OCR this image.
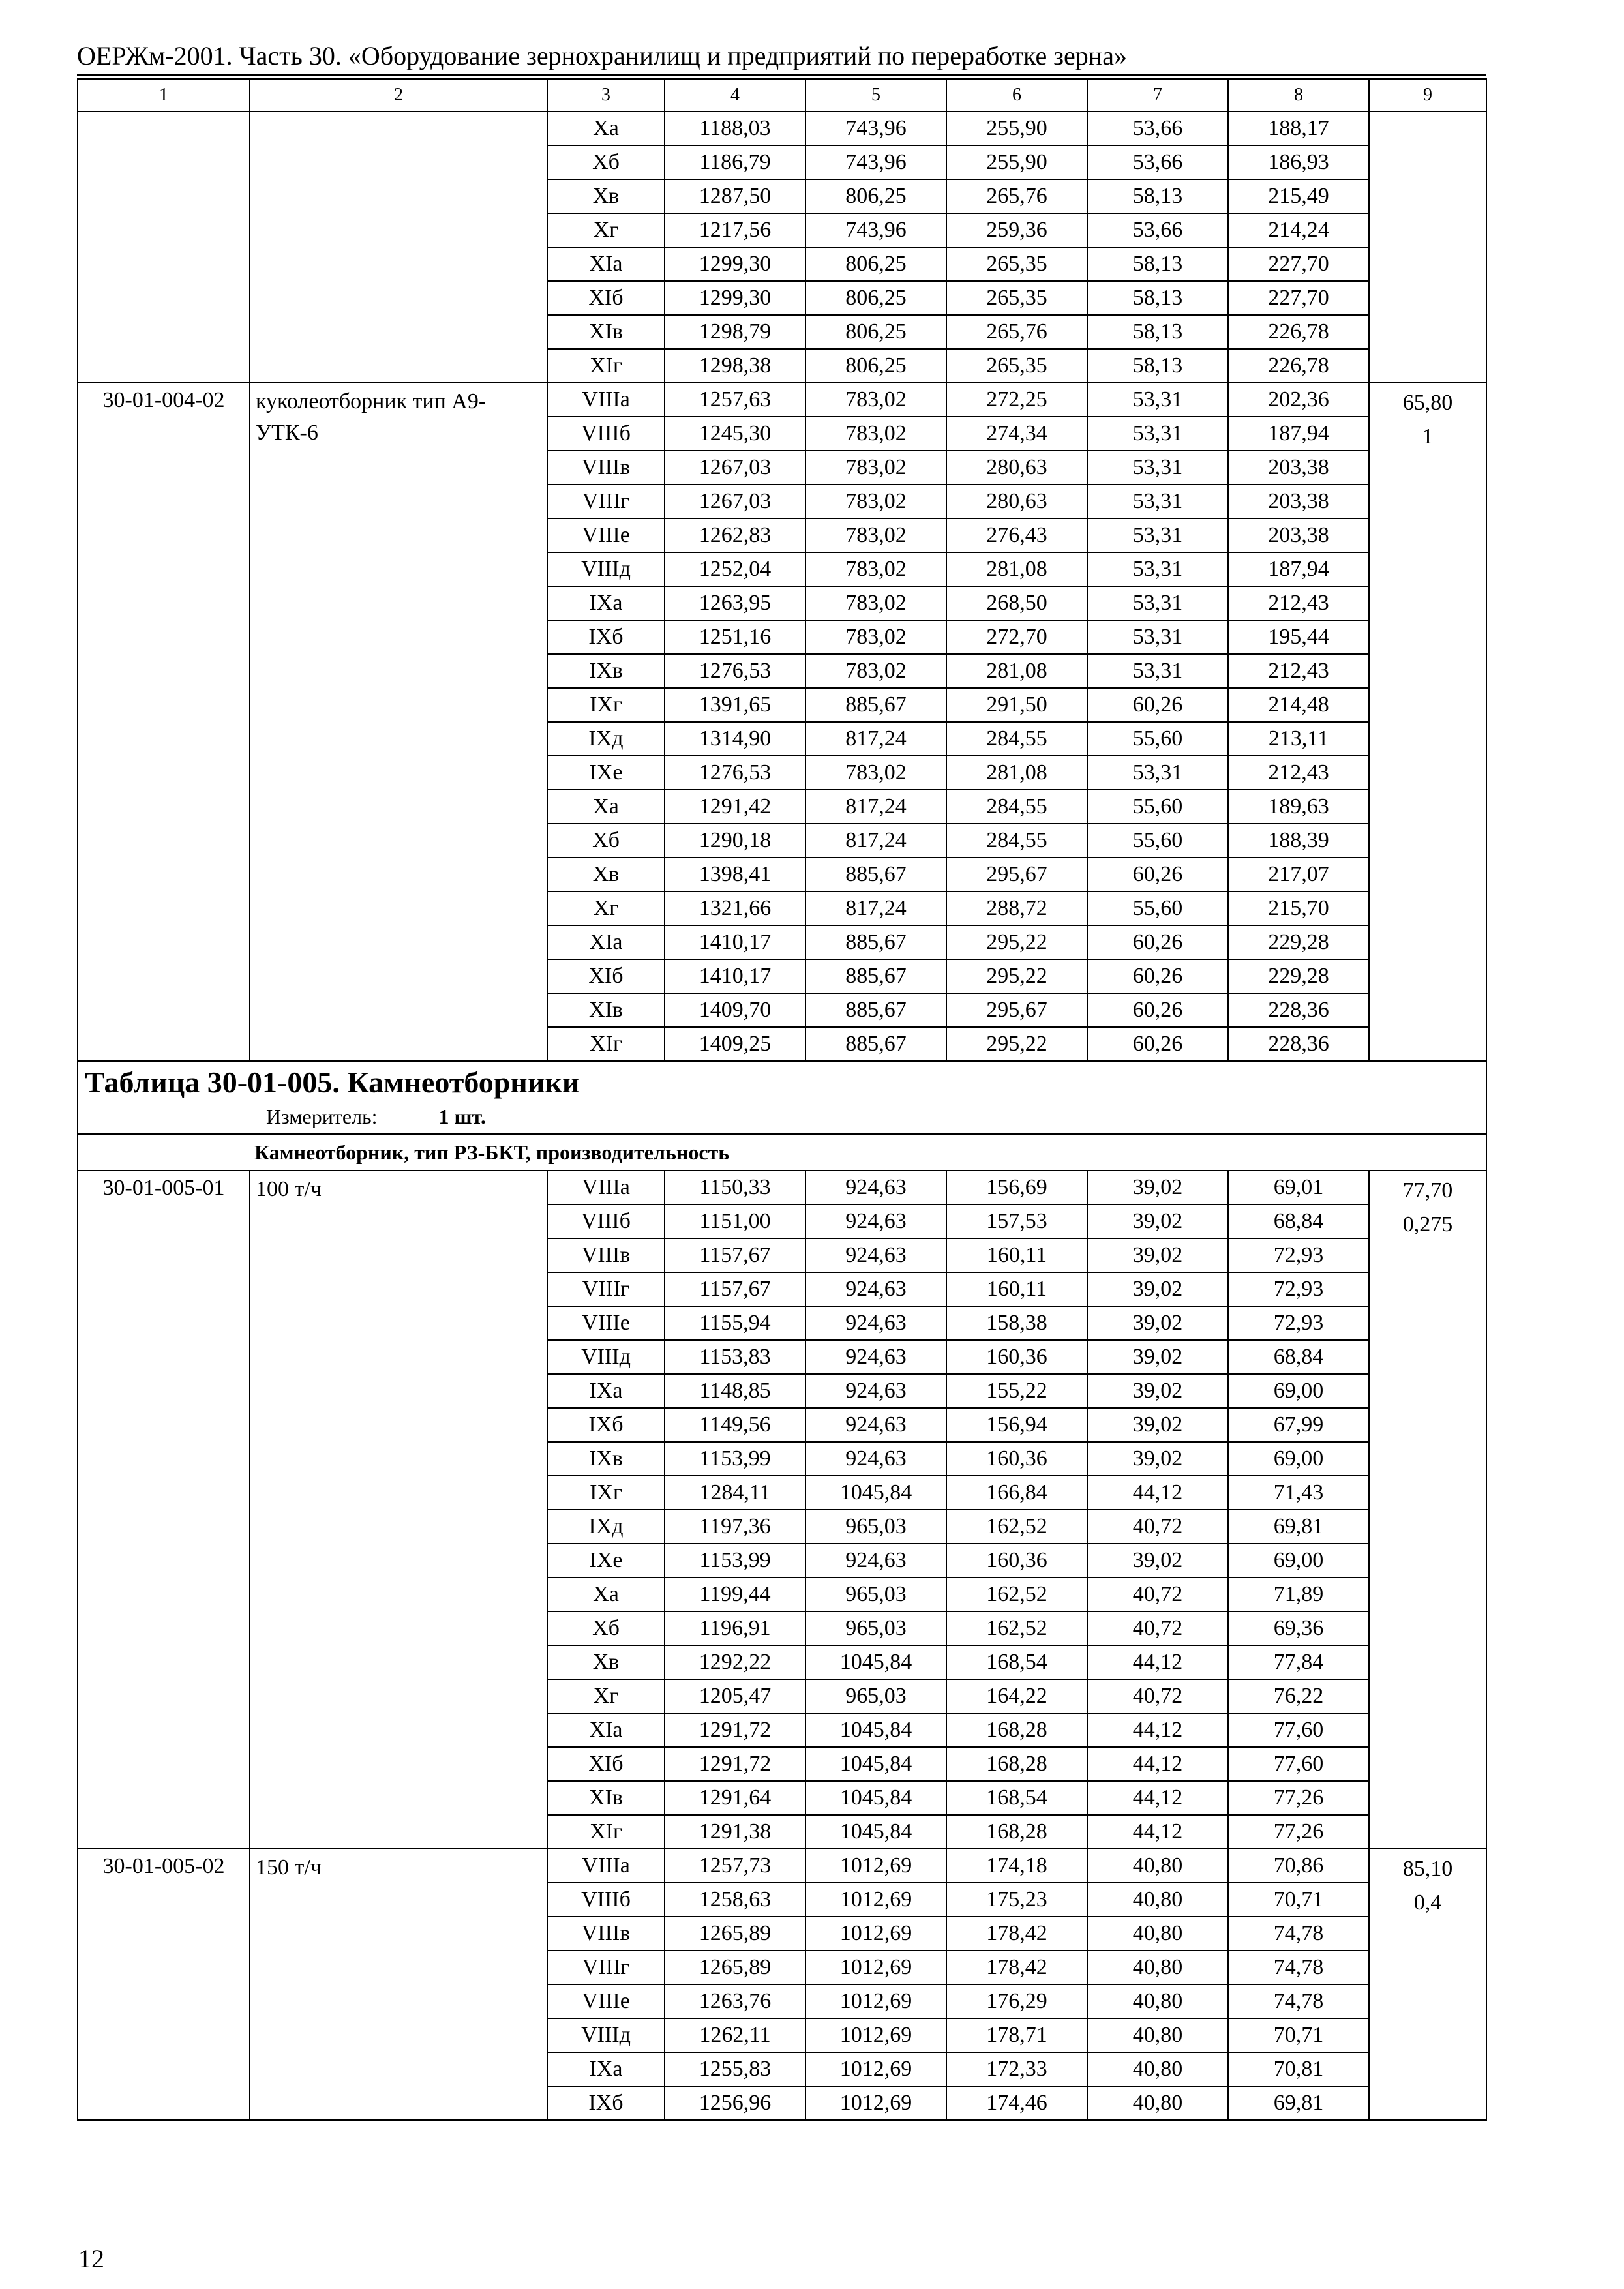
ОЕРЖм-2001. Часть 30. «Оборудование зернохранилищ и предприятий по переработке зерна»
1	2	3	4	5	6	7	8	9
		Xa	1188,03	743,96	255,90	53,66	188,17	
		Xб	1186,79	743,96	255,90	53,66	186,93	
		Xв	1287,50	806,25	265,76	58,13	215,49	
		Xг	1217,56	743,96	259,36	53,66	214,24	
		XIa	1299,30	806,25	265,35	58,13	227,70	
		XIб	1299,30	806,25	265,35	58,13	227,70	
		XIв	1298,79	806,25	265,76	58,13	226,78	
		XIг	1298,38	806,25	265,35	58,13	226,78	
30-01-004-02	куколеотборник тип А9-УТК-6	VIIIa	1257,63	783,02	272,25	53,31	202,36	65,80
1

		VIIIб	1245,30	783,02	274,34	53,31	187,94	
		VIIIв	1267,03	783,02	280,63	53,31	203,38	
		VIIIг	1267,03	783,02	280,63	53,31	203,38	
		VIIIе	1262,83	783,02	276,43	53,31	203,38	
		VIIIд	1252,04	783,02	281,08	53,31	187,94	
		IXa	1263,95	783,02	268,50	53,31	212,43	
		IXб	1251,16	783,02	272,70	53,31	195,44	
		IXв	1276,53	783,02	281,08	53,31	212,43	
		IXг	1391,65	885,67	291,50	60,26	214,48	
		IXд	1314,90	817,24	284,55	55,60	213,11	
		IXе	1276,53	783,02	281,08	53,31	212,43	
		Xa	1291,42	817,24	284,55	55,60	189,63	
		Xб	1290,18	817,24	284,55	55,60	188,39	
		Xв	1398,41	885,67	295,67	60,26	217,07	
		Xг	1321,66	817,24	288,72	55,60	215,70	
		XIa	1410,17	885,67	295,22	60,26	229,28	
		XIб	1410,17	885,67	295,22	60,26	229,28	
		XIв	1409,70	885,67	295,67	60,26	228,36	
		XIг	1409,25	885,67	295,22	60,26	228,36	

Таблица 30-01-005. Камнеотборники
Измеритель: 1 шт.								

Камнеотборник, тип РЗ-БКТ, производительность								
30-01-005-01	100 т/ч	VIIIa	1150,33	924,63	156,69	39,02	69,01	77,70
0,275

		VIIIб	1151,00	924,63	157,53	39,02	68,84	
		VIIIв	1157,67	924,63	160,11	39,02	72,93	
		VIIIг	1157,67	924,63	160,11	39,02	72,93	
		VIIIе	1155,94	924,63	158,38	39,02	72,93	
		VIIIд	1153,83	924,63	160,36	39,02	68,84	
		IXa	1148,85	924,63	155,22	39,02	69,00	
		IXб	1149,56	924,63	156,94	39,02	67,99	
		IXв	1153,99	924,63	160,36	39,02	69,00	
		IXг	1284,11	1045,84	166,84	44,12	71,43	
		IXд	1197,36	965,03	162,52	40,72	69,81	
		IXе	1153,99	924,63	160,36	39,02	69,00	
		Xa	1199,44	965,03	162,52	40,72	71,89	
		Xб	1196,91	965,03	162,52	40,72	69,36	
		Xв	1292,22	1045,84	168,54	44,12	77,84	
		Xг	1205,47	965,03	164,22	40,72	76,22	
		XIa	1291,72	1045,84	168,28	44,12	77,60	
		XIб	1291,72	1045,84	168,28	44,12	77,60	
		XIв	1291,64	1045,84	168,54	44,12	77,26	
		XIг	1291,38	1045,84	168,28	44,12	77,26	
30-01-005-02	150 т/ч	VIIIa	1257,73	1012,69	174,18	40,80	70,86	85,10
0,4

		VIIIб	1258,63	1012,69	175,23	40,80	70,71	
		VIIIв	1265,89	1012,69	178,42	40,80	74,78	
		VIIIг	1265,89	1012,69	178,42	40,80	74,78	
		VIIIе	1263,76	1012,69	176,29	40,80	74,78	
		VIIIд	1262,11	1012,69	178,71	40,80	70,71	
		IXa	1255,83	1012,69	172,33	40,80	70,81	
		IXб	1256,96	1012,69	174,46	40,80	69,81	
12
